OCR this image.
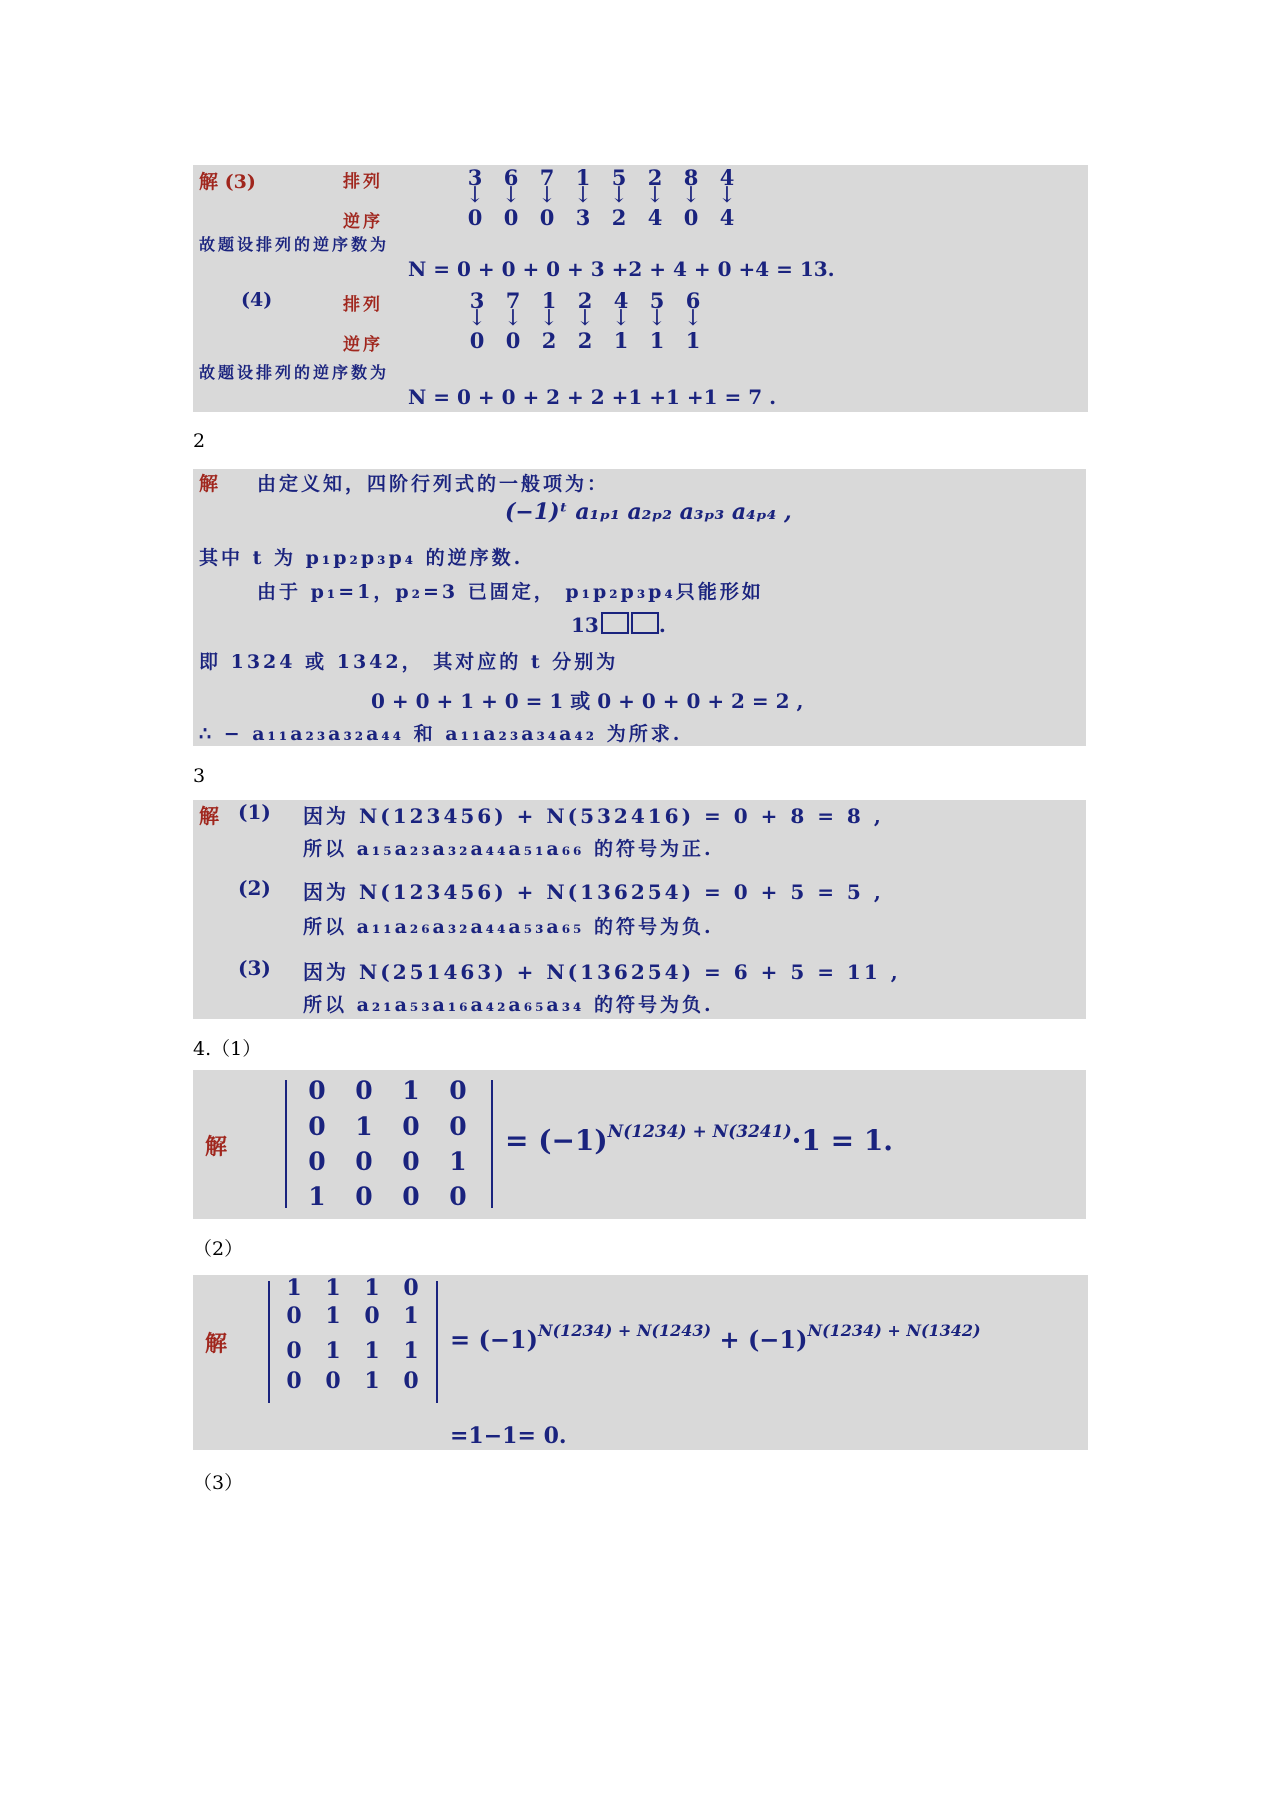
解 (3)	排列
逆序
3 6 7 1 5 2 8 4
↓ ↓ ↓ ↓ ↓ ↓ ↓ ↓
0 0 0 3 2 4 0 4
故题设排列的逆序数为
N = 0 + 0 + 0 + 3 +2 + 4 + 0 +4 = 13.
(4)	排列
逆序
3 7 1 2 4 5 6
↓ ↓ ↓ ↓ ↓ ↓ ↓
0 0 2 2 1 1 1
故题设排列的逆序数为
N = 0 + 0 + 2 + 2 +1 +1 +1 = 7 .
2
解 由定义知，四阶行列式的一般项为：
(−1)ᵗ a₁ₚ₁ a₂ₚ₂ a₃ₚ₃ a₄ₚ₄ ,
其中 t 为 p₁p₂p₃p₄ 的逆序数.
由于 p₁=1，p₂=3 已固定， p₁p₂p₃p₄只能形如
13	.
即 1324 或 1342， 其对应的 t 分别为
0 + 0 + 1 + 0 = 1 或 0 + 0 + 0 + 2 = 2 ,
∴ − a₁₁a₂₃a₃₂a₄₄ 和 a₁₁a₂₃a₃₄a₄₂ 为所求.
3
解 (1) 因为 N(123456) + N(532416) = 0 + 8 = 8 ,
所以 a₁₅a₂₃a₃₂a₄₄a₅₁a₆₆ 的符号为正.
(2) 因为 N(123456) + N(136254) = 0 + 5 = 5 ,
所以 a₁₁a₂₆a₃₂a₄₄a₅₃a₆₅ 的符号为负.
(3) 因为 N(251463) + N(136254) = 6 + 5 = 11 ,
所以 a₂₁a₅₃a₁₆a₄₂a₆₅a₃₄ 的符号为负.
4.（1）
解
0 0 1 0
0 1 0 0
0 0 0 1
1 0 0 0
= $(-1)^{N(1234) + N(3241)}\cdot 1 = 1$.
（2）
解
1	1	1	0
0	1	0	1
0	1	1	1
0	0	1	0
= $(-1)^{N(1234) + N(1243)} + (-1)^{N(1234) + N(1342)}$
=1−1= 0.
（3）
